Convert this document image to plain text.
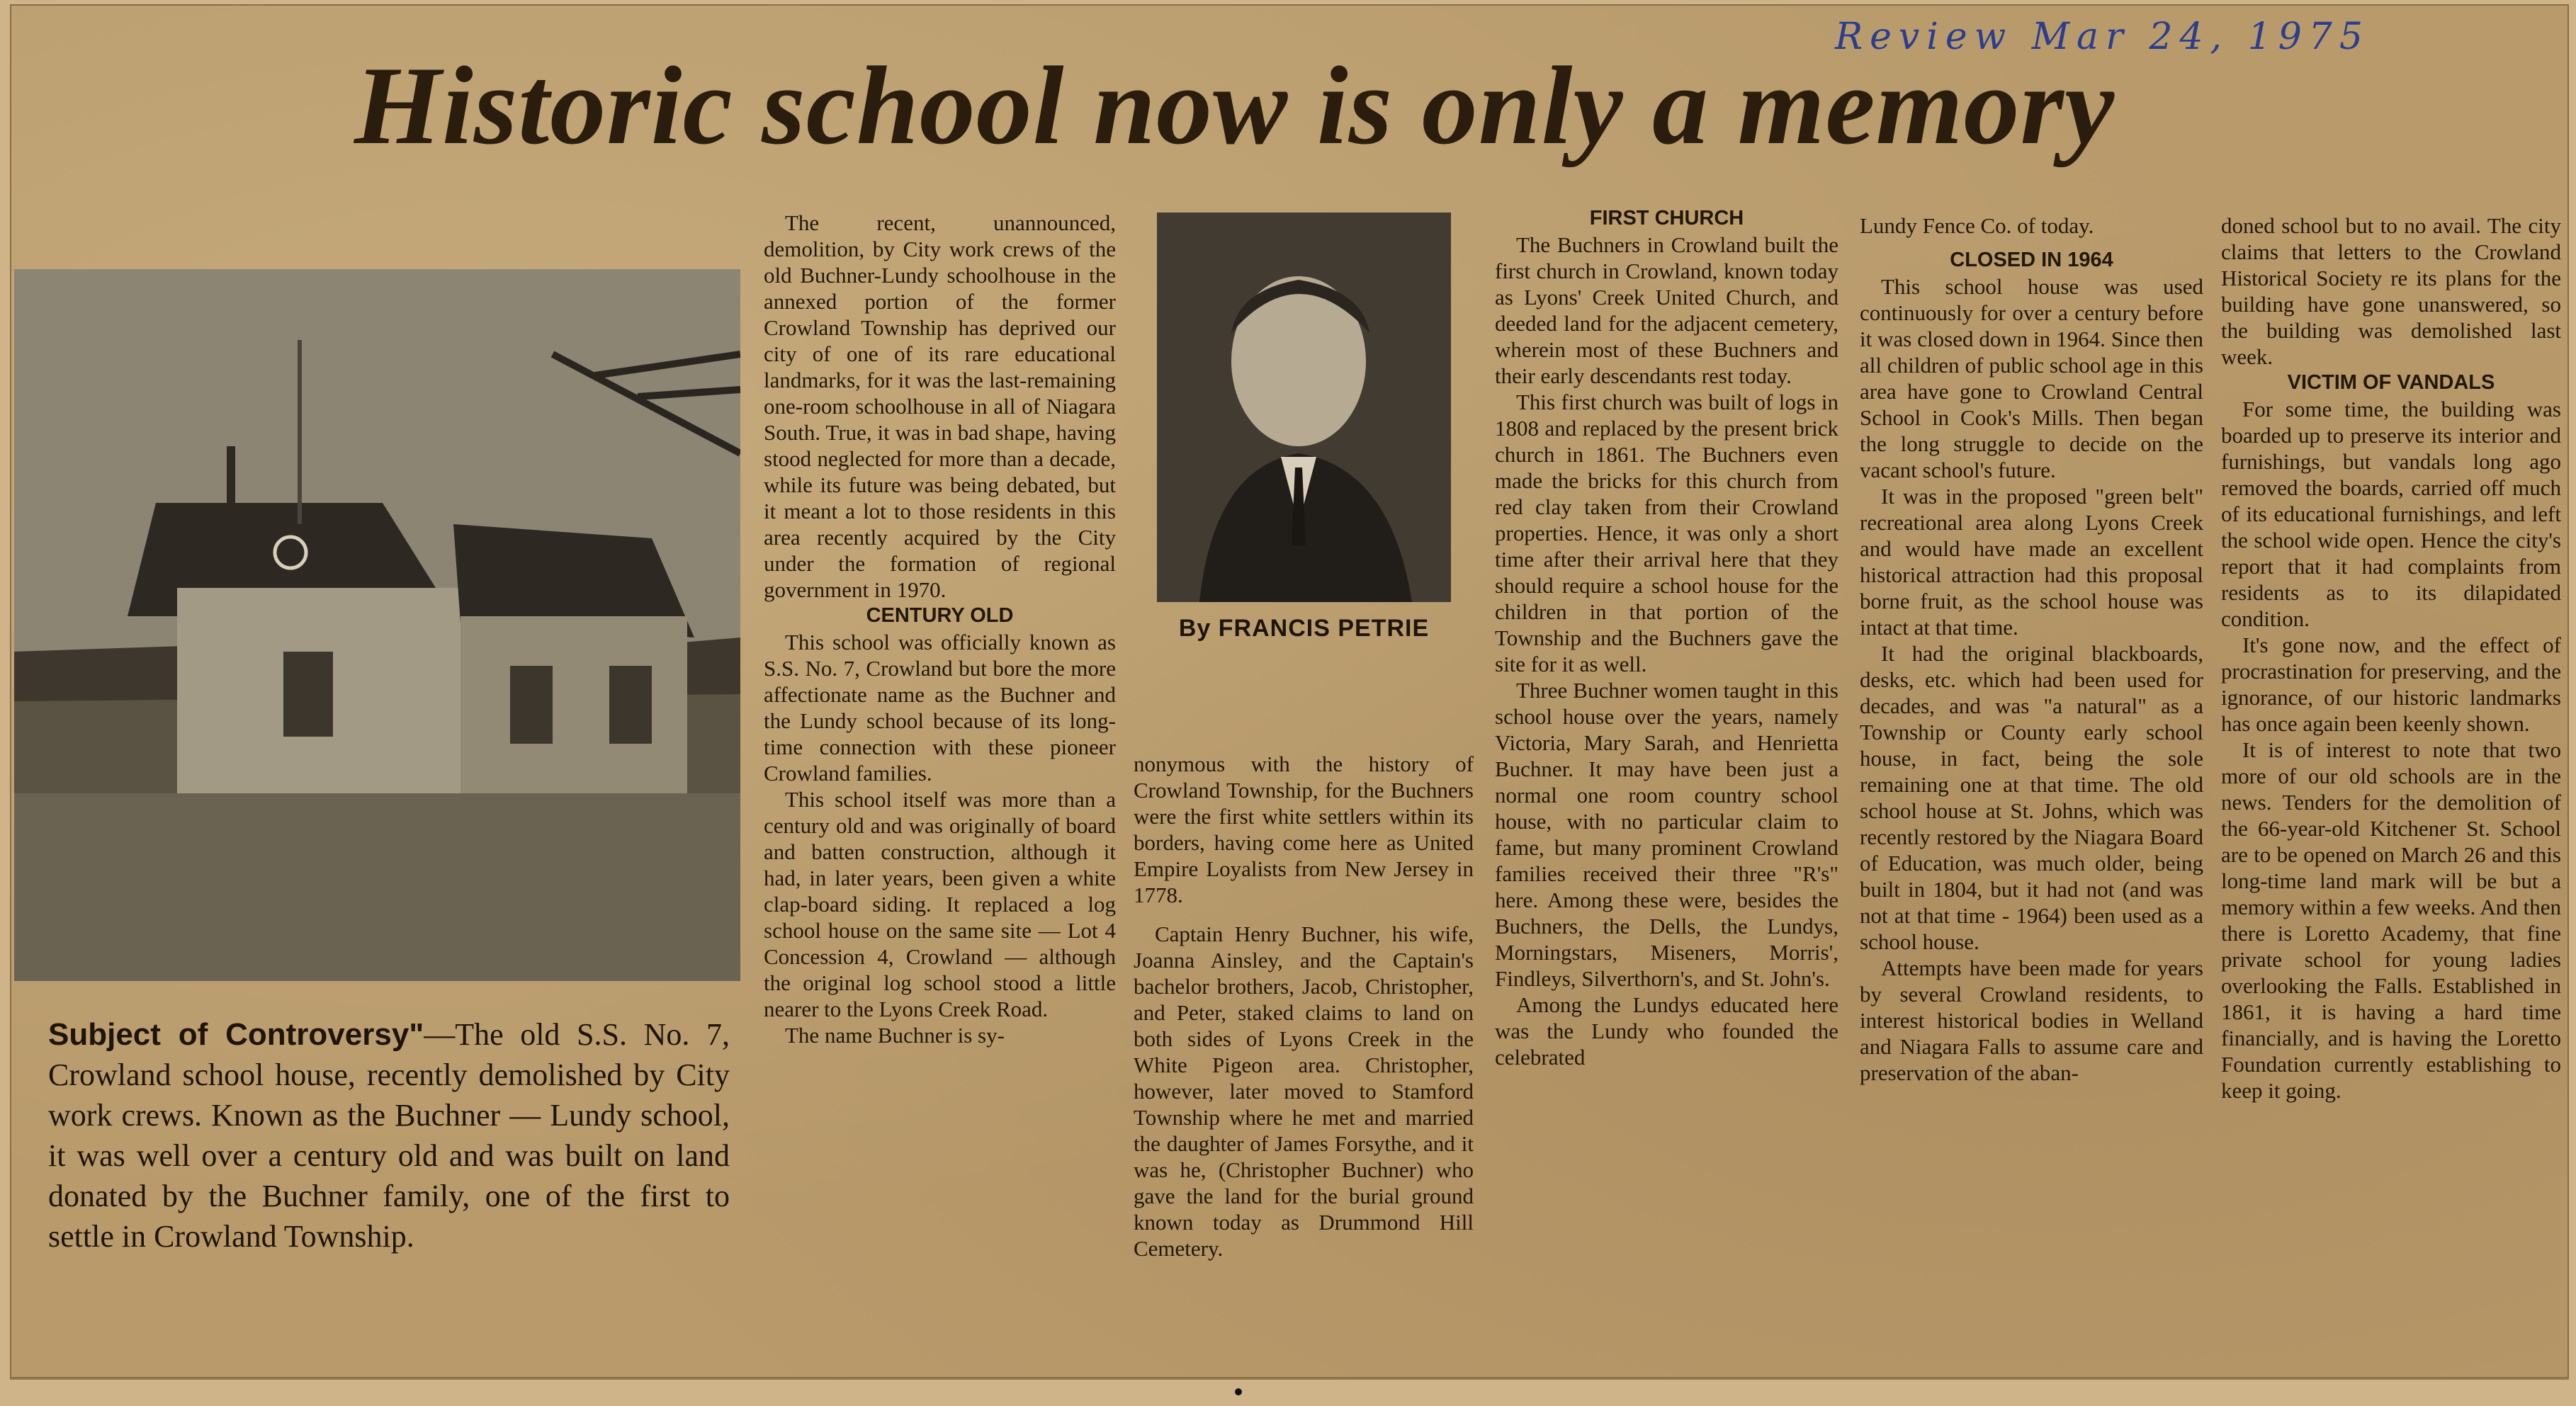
Review Mar 24, 1975
Historic school now is only a memory
By FRANCIS PETRIE
Subject of Controversy"—The old S.S. No. 7, Crowland school house, recently demolished by City work crews. Known as the Buchner — Lundy school, it was well over a century old and was built on land donated by the Buchner family, one of the first to settle in Crowland Township.

The recent, unannounced, demolition, by City work crews of the old Buchner-Lundy schoolhouse in the annexed portion of the former Crowland Township has deprived our city of one of its rare educational landmarks, for it was the last-remaining one-room schoolhouse in all of Niagara South. True, it was in bad shape, having stood neglected for more than a decade, while its future was being debated, but it meant a lot to those residents in this area recently acquired by the City under the formation of regional government in 1970.

CENTURY OLD

This school was officially known as S.S. No. 7, Crowland but bore the more affectionate name as the Buchner and the Lundy school because of its long-time connection with these pioneer Crowland families.

This school itself was more than a century old and was originally of board and batten construction, although it had, in later years, been given a white clap-board siding. It replaced a log school house on the same site — Lot 4 Concession 4, Crowland — although the original log school stood a little nearer to the Lyons Creek Road.

The name Buchner is sy-

nonymous with the history of Crowland Township, for the Buchners were the first white settlers within its borders, having come here as United Empire Loyalists from New Jersey in 1778.

Captain Henry Buchner, his wife, Joanna Ainsley, and the Captain's bachelor brothers, Jacob, Christopher, and Peter, staked claims to land on both sides of Lyons Creek in the White Pigeon area. Christopher, however, later moved to Stamford Township where he met and married the daughter of James Forsythe, and it was he, (Christopher Buchner) who gave the land for the burial ground known today as Drummond Hill Cemetery.

FIRST CHURCH

The Buchners in Crowland built the first church in Crowland, known today as Lyons' Creek United Church, and deeded land for the adjacent cemetery, wherein most of these Buchners and their early descendants rest today.

This first church was built of logs in 1808 and replaced by the present brick church in 1861. The Buchners even made the bricks for this church from red clay taken from their Crowland properties. Hence, it was only a short time after their arrival here that they should require a school house for the children in that portion of the Township and the Buchners gave the site for it as well.

Three Buchner women taught in this school house over the years, namely Victoria, Mary Sarah, and Henrietta Buchner. It may have been just a normal one room country school house, with no particular claim to fame, but many prominent Crowland families received their three "R's" here. Among these were, besides the Buchners, the Dells, the Lundys, Morningstars, Miseners, Morris', Findleys, Silverthorn's, and St. John's.

Among the Lundys educated here was the Lundy who founded the celebrated

Lundy Fence Co. of today.

CLOSED IN 1964

This school house was used continuously for over a century before it was closed down in 1964. Since then all children of public school age in this area have gone to Crowland Central School in Cook's Mills. Then began the long struggle to decide on the vacant school's future.

It was in the proposed "green belt" recreational area along Lyons Creek and would have made an excellent historical attraction had this proposal borne fruit, as the school house was intact at that time.

It had the original blackboards, desks, etc. which had been used for decades, and was "a natural" as a Township or County early school house, in fact, being the sole remaining one at that time. The old school house at St. Johns, which was recently restored by the Niagara Board of Education, was much older, being built in 1804, but it had not (and was not at that time - 1964) been used as a school house.

Attempts have been made for years by several Crowland residents, to interest historical bodies in Welland and Niagara Falls to assume care and preservation of the aban-

doned school but to no avail. The city claims that letters to the Crowland Historical Society re its plans for the building have gone unanswered, so the building was demolished last week.

VICTIM OF VANDALS

For some time, the building was boarded up to preserve its interior and furnishings, but vandals long ago removed the boards, carried off much of its educational furnishings, and left the school wide open. Hence the city's report that it had complaints from residents as to its dilapidated condition.

It's gone now, and the effect of procrastination for preserving, and the ignorance, of our historic landmarks has once again been keenly shown.

It is of interest to note that two more of our old schools are in the news. Tenders for the demolition of the 66-year-old Kitchener St. School are to be opened on March 26 and this long-time land mark will be but a memory within a few weeks. And then there is Loretto Academy, that fine private school for young ladies overlooking the Falls. Established in 1861, it is having a hard time financially, and is having the Loretto Foundation currently establishing to keep it going.
